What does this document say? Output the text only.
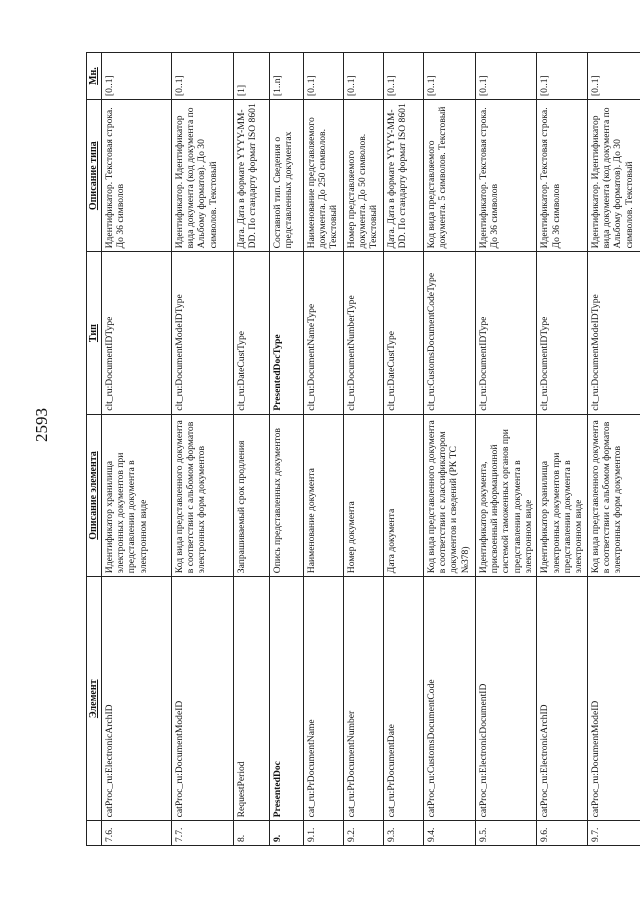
2593
	Элемент	Описание элемента	Тип	Описание типа	Мн.
7.6.	catProc_ru:ElectronicArchID	Идентификатор хранилища электронных документов при представлении документа в электронном виде	clt_ru:DocumentIDType	Идентификатор. Текстовая строка. До 36 символов	[0..1]
7.7.	catProc_ru:DocumentModeID	Код вида представленного документа в соответствии с альбомом форматов электронных форм документов	clt_ru:DocumentModeIDType	Идентификатор. Идентификатор вида документа (код документа по Альбому форматов). До 30 символов. Текстовый	[0..1]
8.	RequestPeriod	Запрашиваемый срок продления	clt_ru:DateCustType	Дата. Дата в формате YYYY-MM-DD. По стандарту формат ISO 8601	[1]
9.	PresentedDoc	Опись представленных документов	PresentedDocType	Составной тип. Сведения о представленных документах	[1..n]
9.1.	cat_ru:PrDocumentName	Наименование документа	clt_ru:DocumentNameType	Наименование представляемого документа. До 250 символов. Текстовый	[0..1]
9.2.	cat_ru:PrDocumentNumber	Номер документа	clt_ru:DocumentNumberType	Номер представляемого документа. До 50 символов. Текстовый	[0..1]
9.3.	cat_ru:PrDocumentDate	Дата документа	clt_ru:DateCustType	Дата. Дата в формате YYYY-MM-DD. По стандарту формат ISO 8601	[0..1]
9.4.	catProc_ru:CustomsDocumentCode	Код вида представленного документа в соответствии с классификатором документов и сведений (РК ТС №378)	clt_ru:CustomsDocumentCodeType	Код вида представляемого документа. 5 символов. Текстовый	[0..1]
9.5.	catProc_ru:ElectronicDocumentID	Идентификатор документа, присвоенный информационной системой таможенных органов при представлении документа в электронном виде	clt_ru:DocumentIDType	Идентификатор. Текстовая строка. До 36 символов	[0..1]
9.6.	catProc_ru:ElectronicArchID	Идентификатор хранилища электронных документов при представлении документа в электронном виде	clt_ru:DocumentIDType	Идентификатор. Текстовая строка. До 36 символов	[0..1]
9.7.	catProc_ru:DocumentModeID	Код вида представленного документа в соответствии с альбомом форматов электронных форм документов	clt_ru:DocumentModeIDType	Идентификатор. Идентификатор вида документа (код документа по Альбому форматов). До 30 символов. Текстовый	[0..1]
